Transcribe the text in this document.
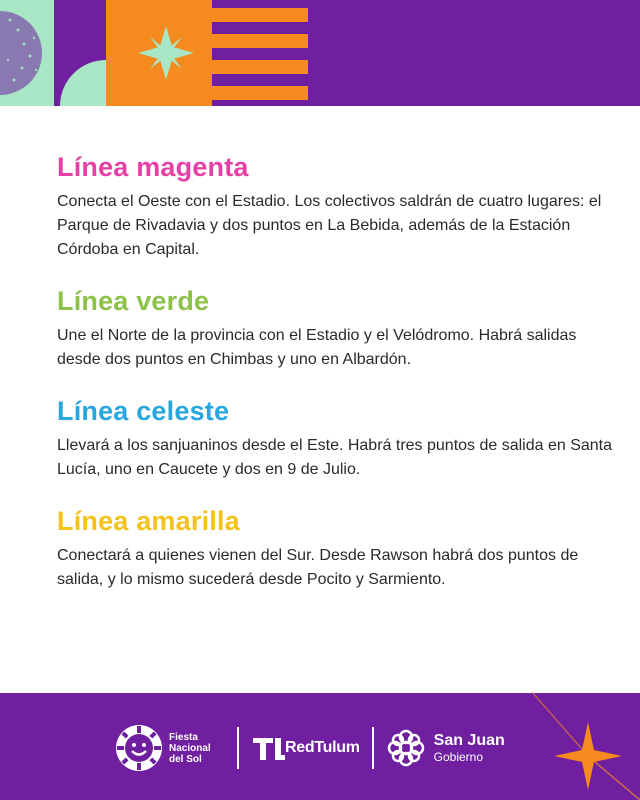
Línea magenta

Conecta el Oeste con el Estadio. Los colectivos saldrán de cuatro lugares: el Parque de Rivadavia y dos puntos en La Bebida, además de la Estación Córdoba en Capital.

Línea verde

Une el Norte de la provincia con el Estadio y el Velódromo. Habrá salidas desde dos puntos en Chimbas y uno en Albardón.

Línea celeste

Llevará a los sanjuaninos desde el Este. Habrá tres puntos de salida en Santa Lucía, uno en Caucete y dos en 9 de Julio.

Línea amarilla

Conectará a quienes vienen del Sur. Desde Rawson habrá dos puntos de salida, y lo mismo sucederá desde Pocito y Sarmiento.

Fiesta
Nacional
del Sol
RedTulum	San Juan
Gobierno
